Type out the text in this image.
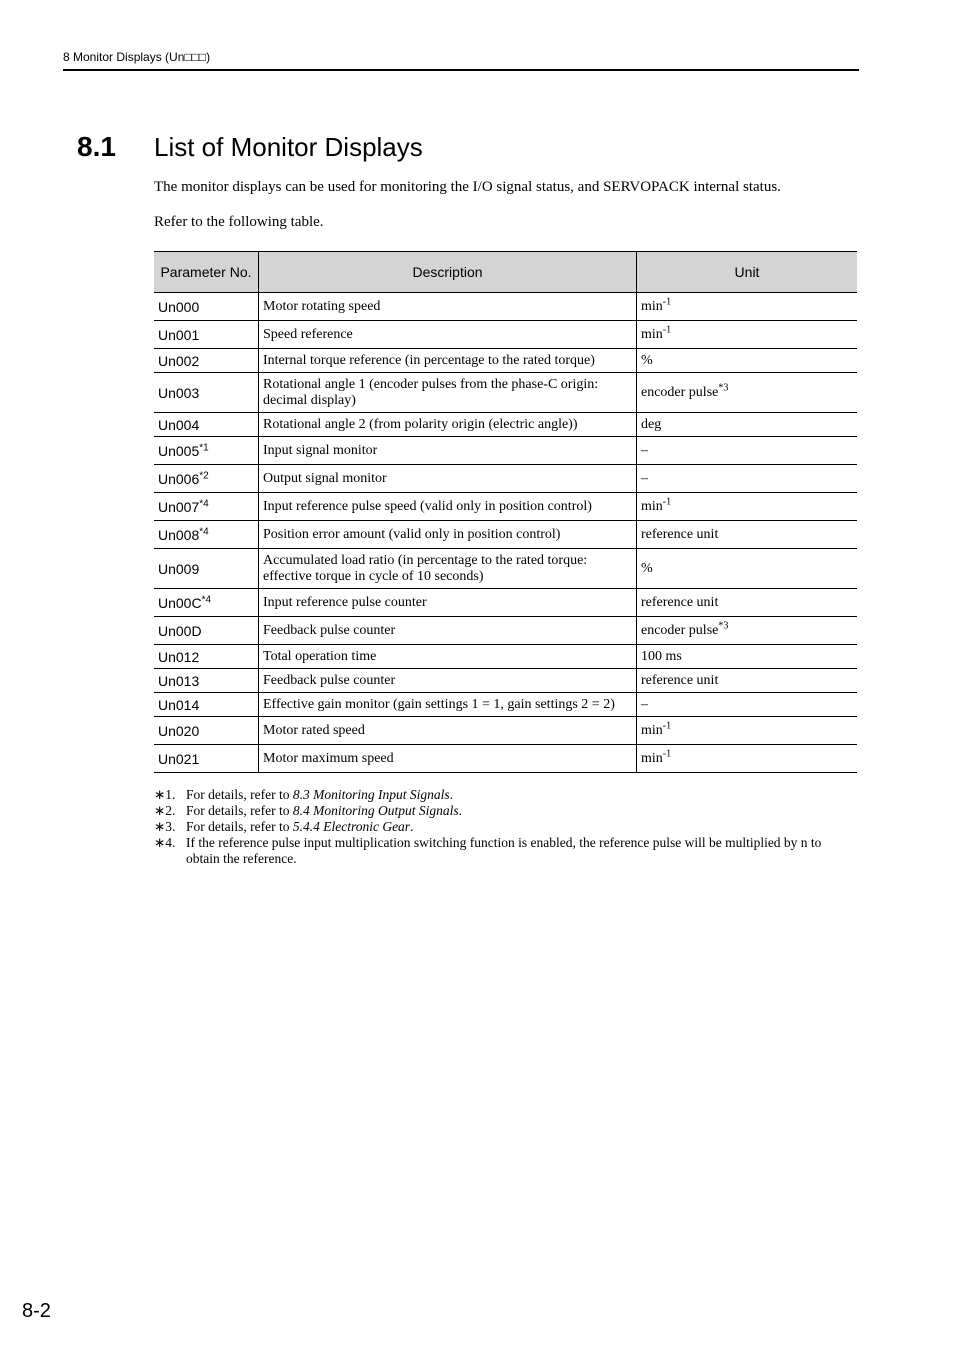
8 Monitor Displays (Un□□□)
8.1 List of Monitor Displays
The monitor displays can be used for monitoring the I/O signal status, and SERVOPACK internal status.
Refer to the following table.
Parameter No.	Description	Unit
Un000	Motor rotating speed	$\min^{-1}$
Un001	Speed reference	$\min^{-1}$
Un002	Internal torque reference (in percentage to the rated torque)	%
Un003	Rotational angle 1 (encoder pulses from the phase-C origin: decimal display)	encoder pulse$^{*3}$
Un004	Rotational angle 2 (from polarity origin (electric angle))	deg
Un005$^{*1}$	Input signal monitor	–
Un006$^{*2}$	Output signal monitor	–
Un007$^{*4}$	Input reference pulse speed (valid only in position control)	$\min^{-1}$
Un008$^{*4}$	Position error amount (valid only in position control)	reference unit
Un009	Accumulated load ratio (in percentage to the rated torque: effective torque in cycle of 10 seconds)	%
$Un00C^{*4}$	Input reference pulse counter	reference unit
Un00D	Feedback pulse counter	encoder pulse$^{*3}$
Un012	Total operation time	100 ms
Un013	Feedback pulse counter	reference unit
Un014	Effective gain monitor (gain settings 1 = 1, gain settings 2 = 2)	–
Un020	Motor rated speed	$\min^{-1}$
Un021	Motor maximum speed	$\min^{-1}$
∗1. For details, refer to 8.3 Monitoring Input Signals.
∗2. For details, refer to 8.4 Monitoring Output Signals.
∗3. For details, refer to 5.4.4 Electronic Gear.
∗4. If the reference pulse input multiplication switching function is enabled, the reference pulse will be multiplied by n to obtain the reference.
8-2
